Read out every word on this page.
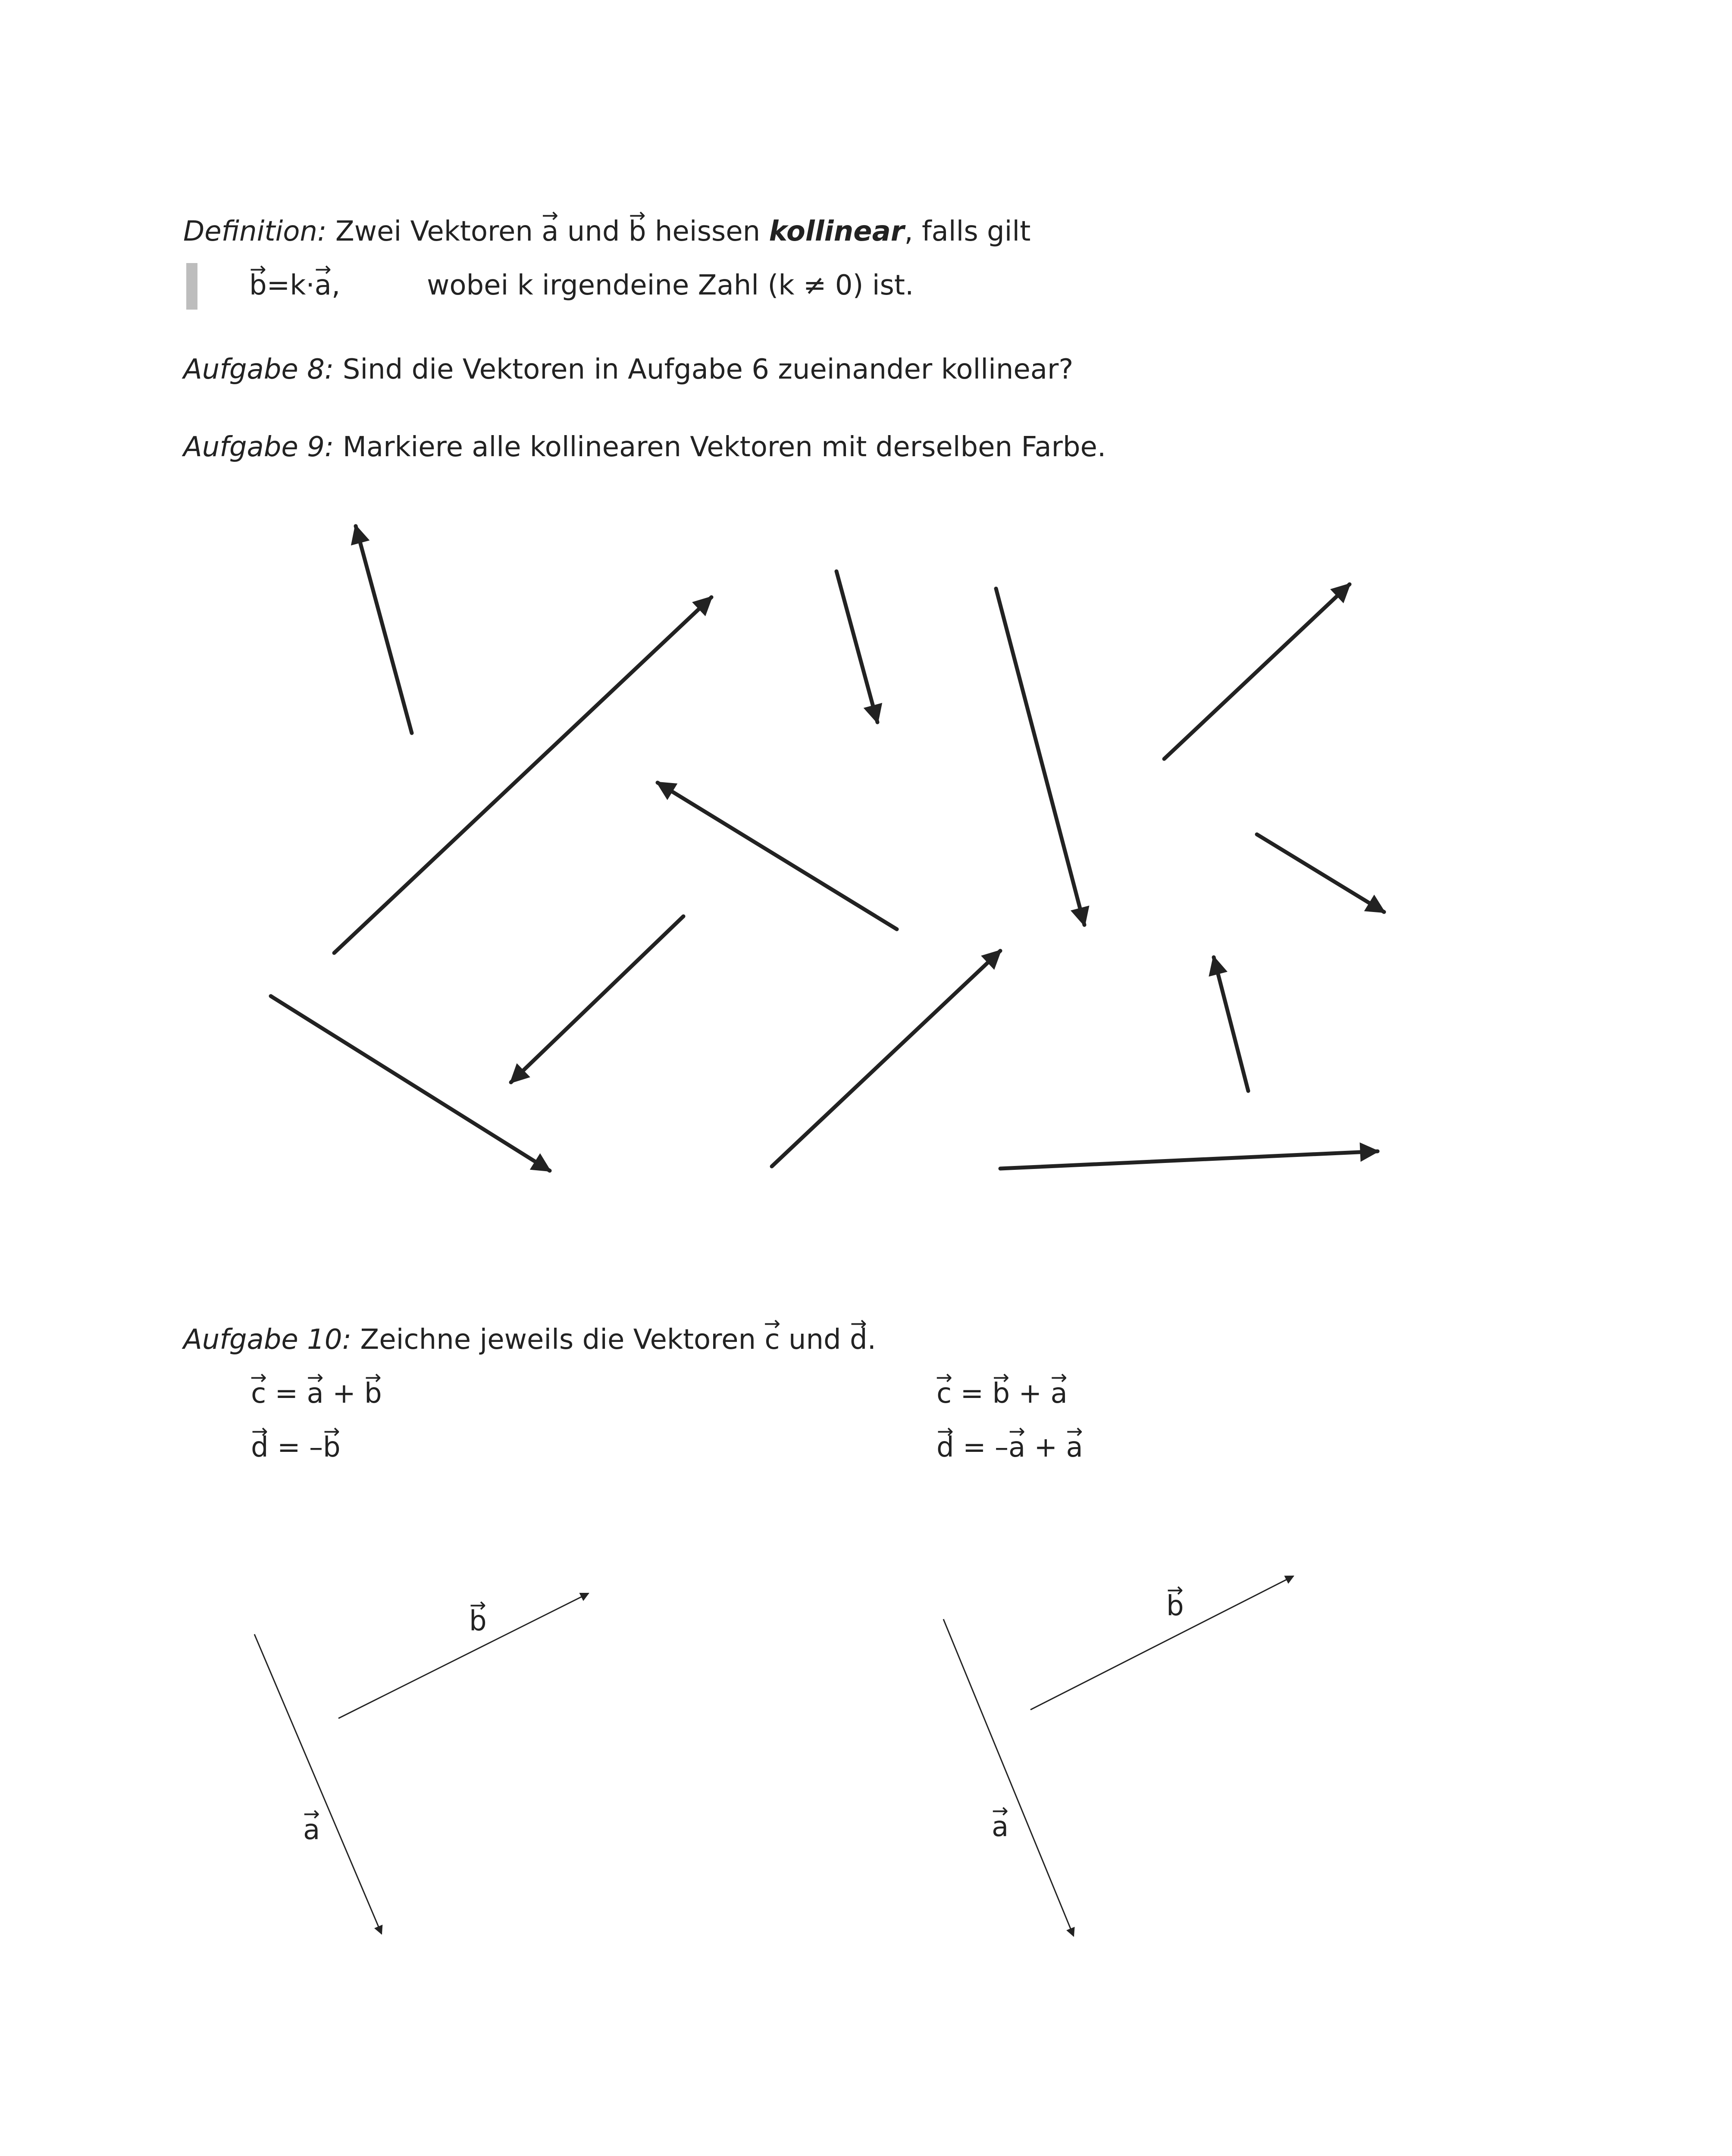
Definition: Zwei Vektoren → a und → b heissen kollinear, falls gilt
→ b=k·→ a,	wobei k irgendeine Zahl (k ≠ 0) ist.
Aufgabe 8: Sind die Vektoren in Aufgabe 6 zueinander kollinear?
Aufgabe 9: Markiere alle kollinearen Vektoren mit derselben Farbe.
Aufgabe 10: Zeichne jeweils die Vektoren → c und → d.
→ c = → a + → b
→ d = –→ b
→ c = → b + → a
→ d = –→ a + → a
→ b
→ a
→ b
→ a
